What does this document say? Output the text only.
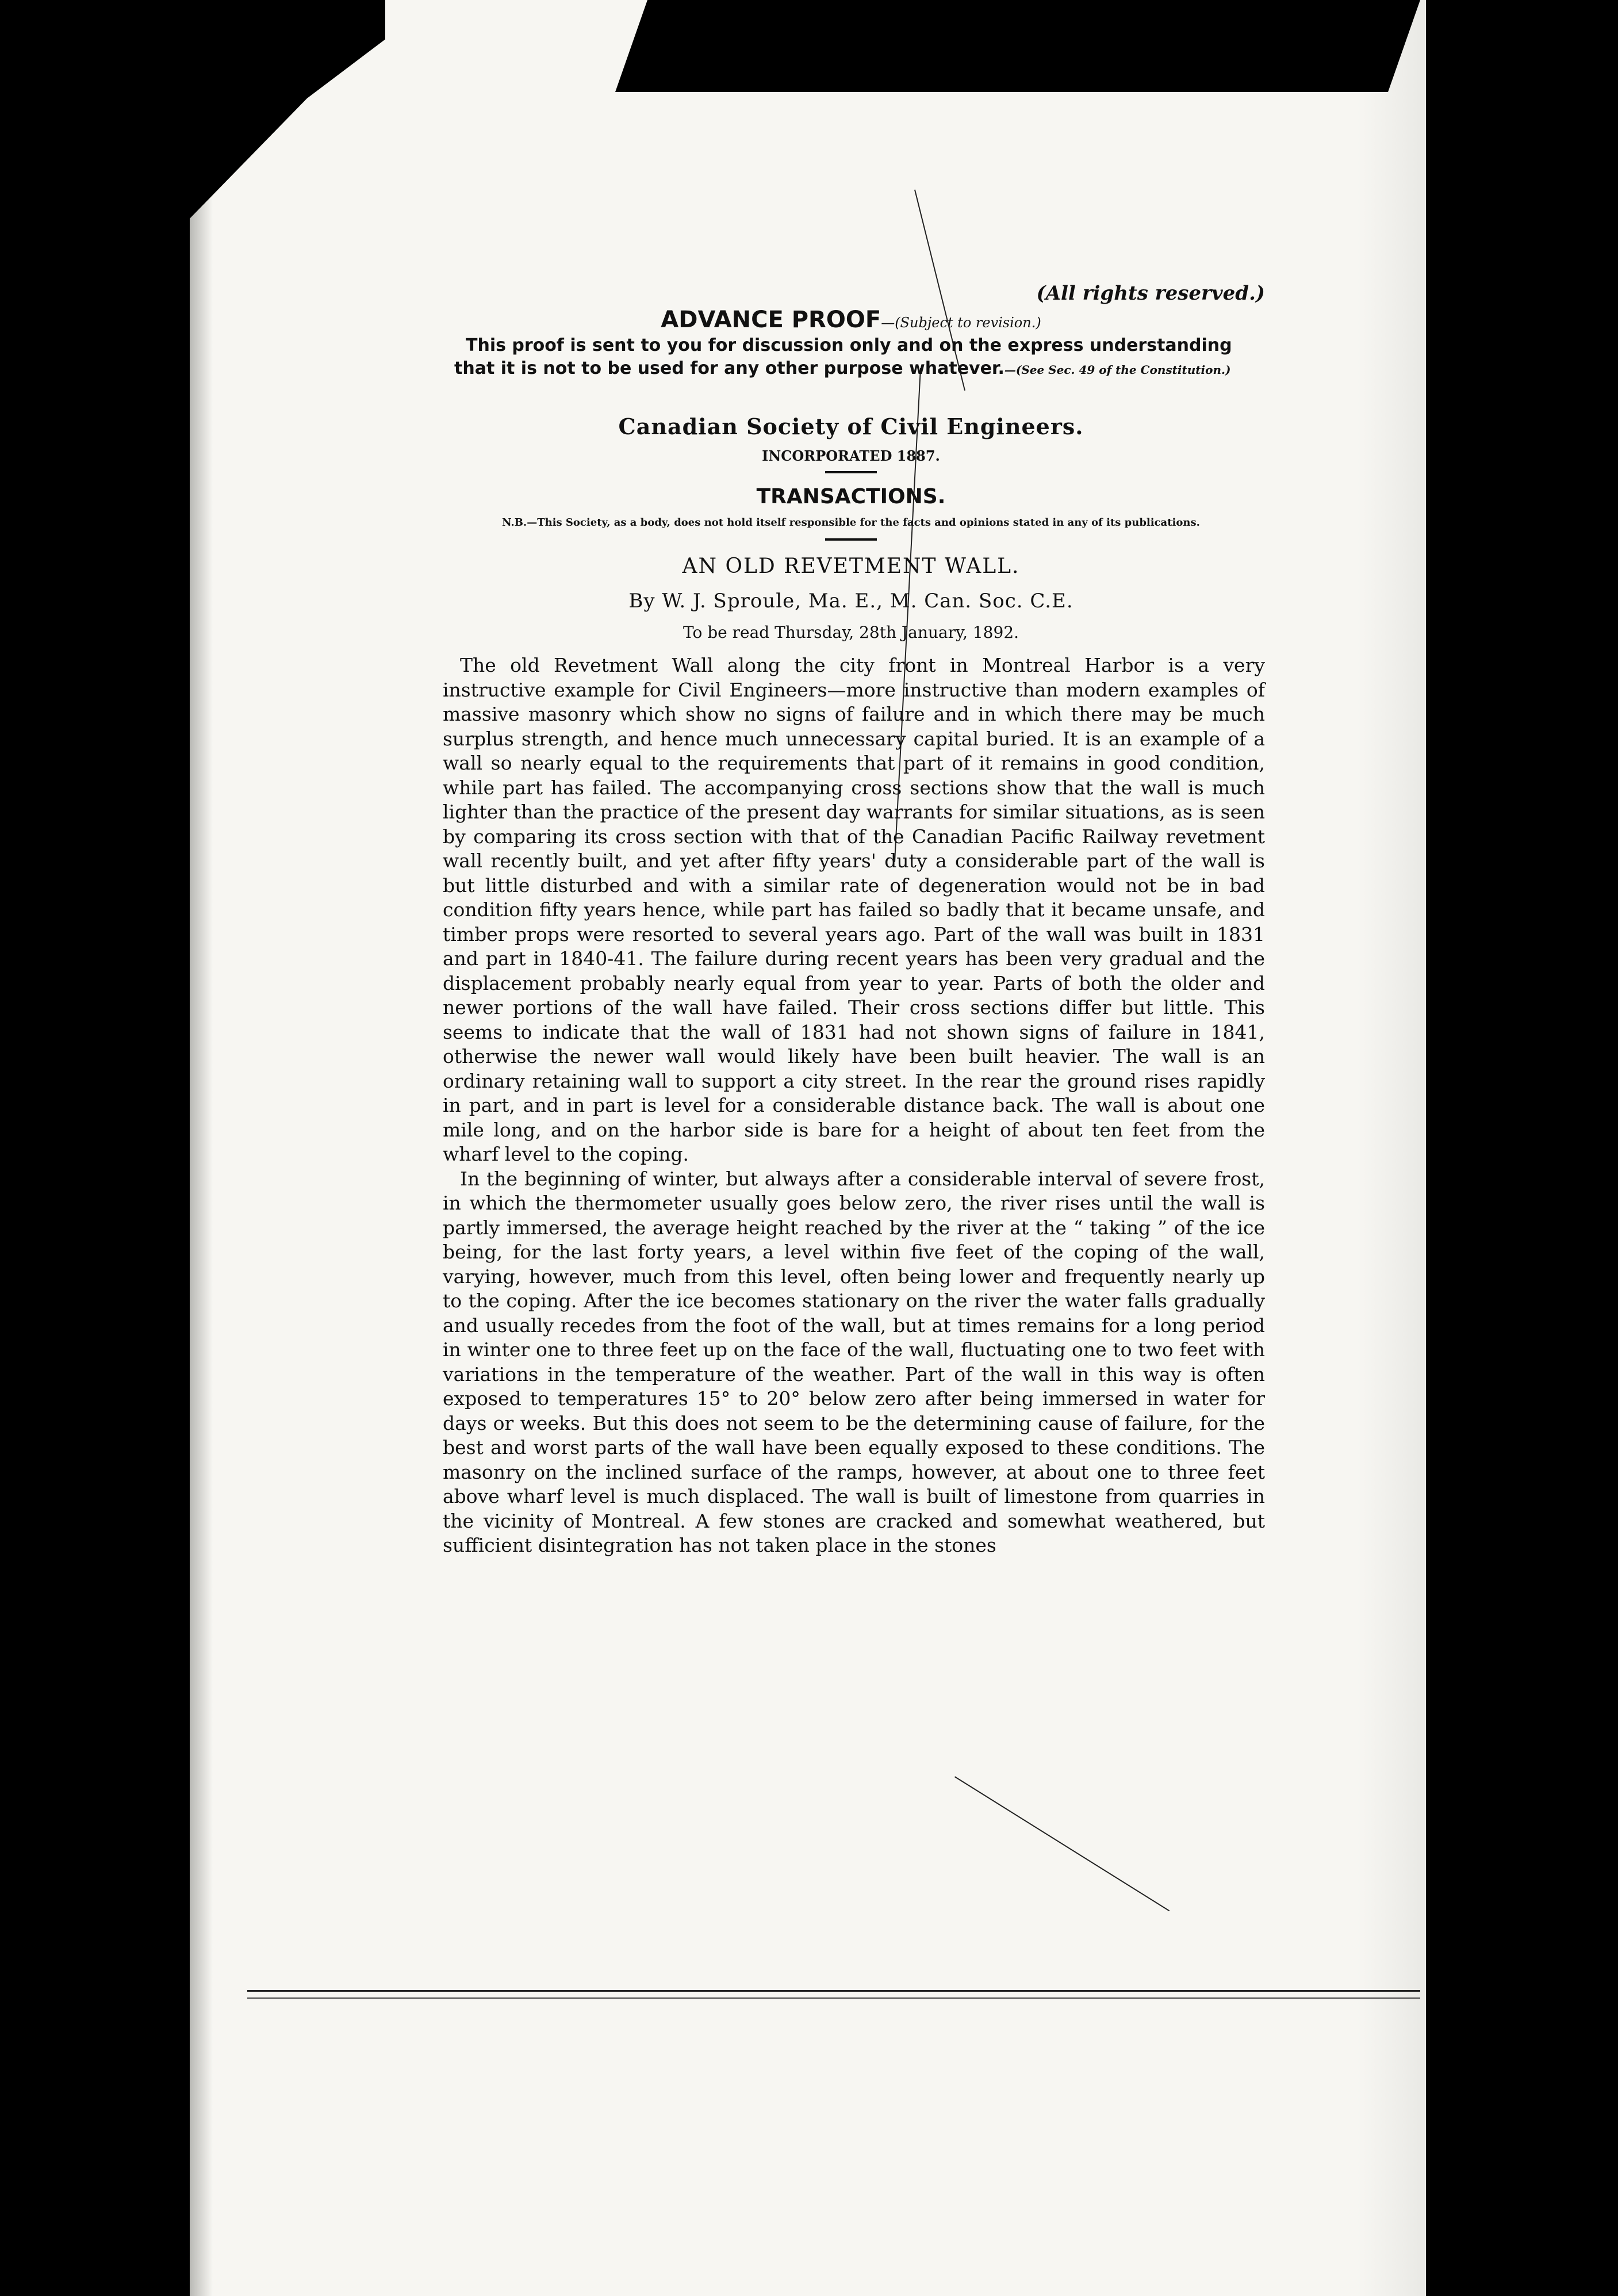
(All rights reserved.)
ADVANCE PROOF—(Subject to revision.)

This proof is sent to you for discussion only and on the express understanding that it is not to be used for any other purpose whatever.—(See Sec. 49 of the Constitution.)

Canadian Society of Civil Engineers.
INCORPORATED 1887.
TRANSACTIONS.
N.B.—This Society, as a body, does not hold itself responsible for the facts and opinions stated in any of its publications.
AN OLD REVETMENT WALL.
By W. J. Sproule, Ma. E., M. Can. Soc. C.E.
To be read Thursday, 28th January, 1892.

The old Revetment Wall along the city front in Montreal Harbor is a very instructive example for Civil Engineers—more instructive than modern examples of massive masonry which show no signs of failure and in which there may be much surplus strength, and hence much unnecessary capital buried. It is an example of a wall so nearly equal to the requirements that part of it remains in good condition, while part has failed. The accompanying cross sections show that the wall is much lighter than the practice of the present day warrants for similar situations, as is seen by comparing its cross section with that of the Canadian Pacific Railway revetment wall recently built, and yet after fifty years' duty a considerable part of the wall is but little disturbed and with a similar rate of degeneration would not be in bad condition fifty years hence, while part has failed so badly that it became unsafe, and timber props were resorted to several years ago. Part of the wall was built in 1831 and part in 1840-41. The failure during recent years has been very gradual and the displacement probably nearly equal from year to year. Parts of both the older and newer portions of the wall have failed. Their cross sections differ but little. This seems to indicate that the wall of 1831 had not shown signs of failure in 1841, otherwise the newer wall would likely have been built heavier. The wall is an ordinary retaining wall to support a city street. In the rear the ground rises rapidly in part, and in part is level for a considerable distance back. The wall is about one mile long, and on the harbor side is bare for a height of about ten feet from the wharf level to the coping.

In the beginning of winter, but always after a considerable interval of severe frost, in which the thermometer usually goes below zero, the river rises until the wall is partly immersed, the average height reached by the river at the “ taking ” of the ice being, for the last forty years, a level within five feet of the coping of the wall, varying, however, much from this level, often being lower and frequently nearly up to the coping. After the ice becomes stationary on the river the water falls gradually and usually recedes from the foot of the wall, but at times remains for a long period in winter one to three feet up on the face of the wall, fluctuating one to two feet with variations in the temperature of the weather. Part of the wall in this way is often exposed to temperatures 15° to 20° below zero after being immersed in water for days or weeks. But this does not seem to be the determining cause of failure, for the best and worst parts of the wall have been equally exposed to these conditions. The masonry on the inclined surface of the ramps, however, at about one to three feet above wharf level is much displaced. The wall is built of limestone from quarries in the vicinity of Montreal. A few stones are cracked and somewhat weathered, but sufficient disintegration has not taken place in the stones
